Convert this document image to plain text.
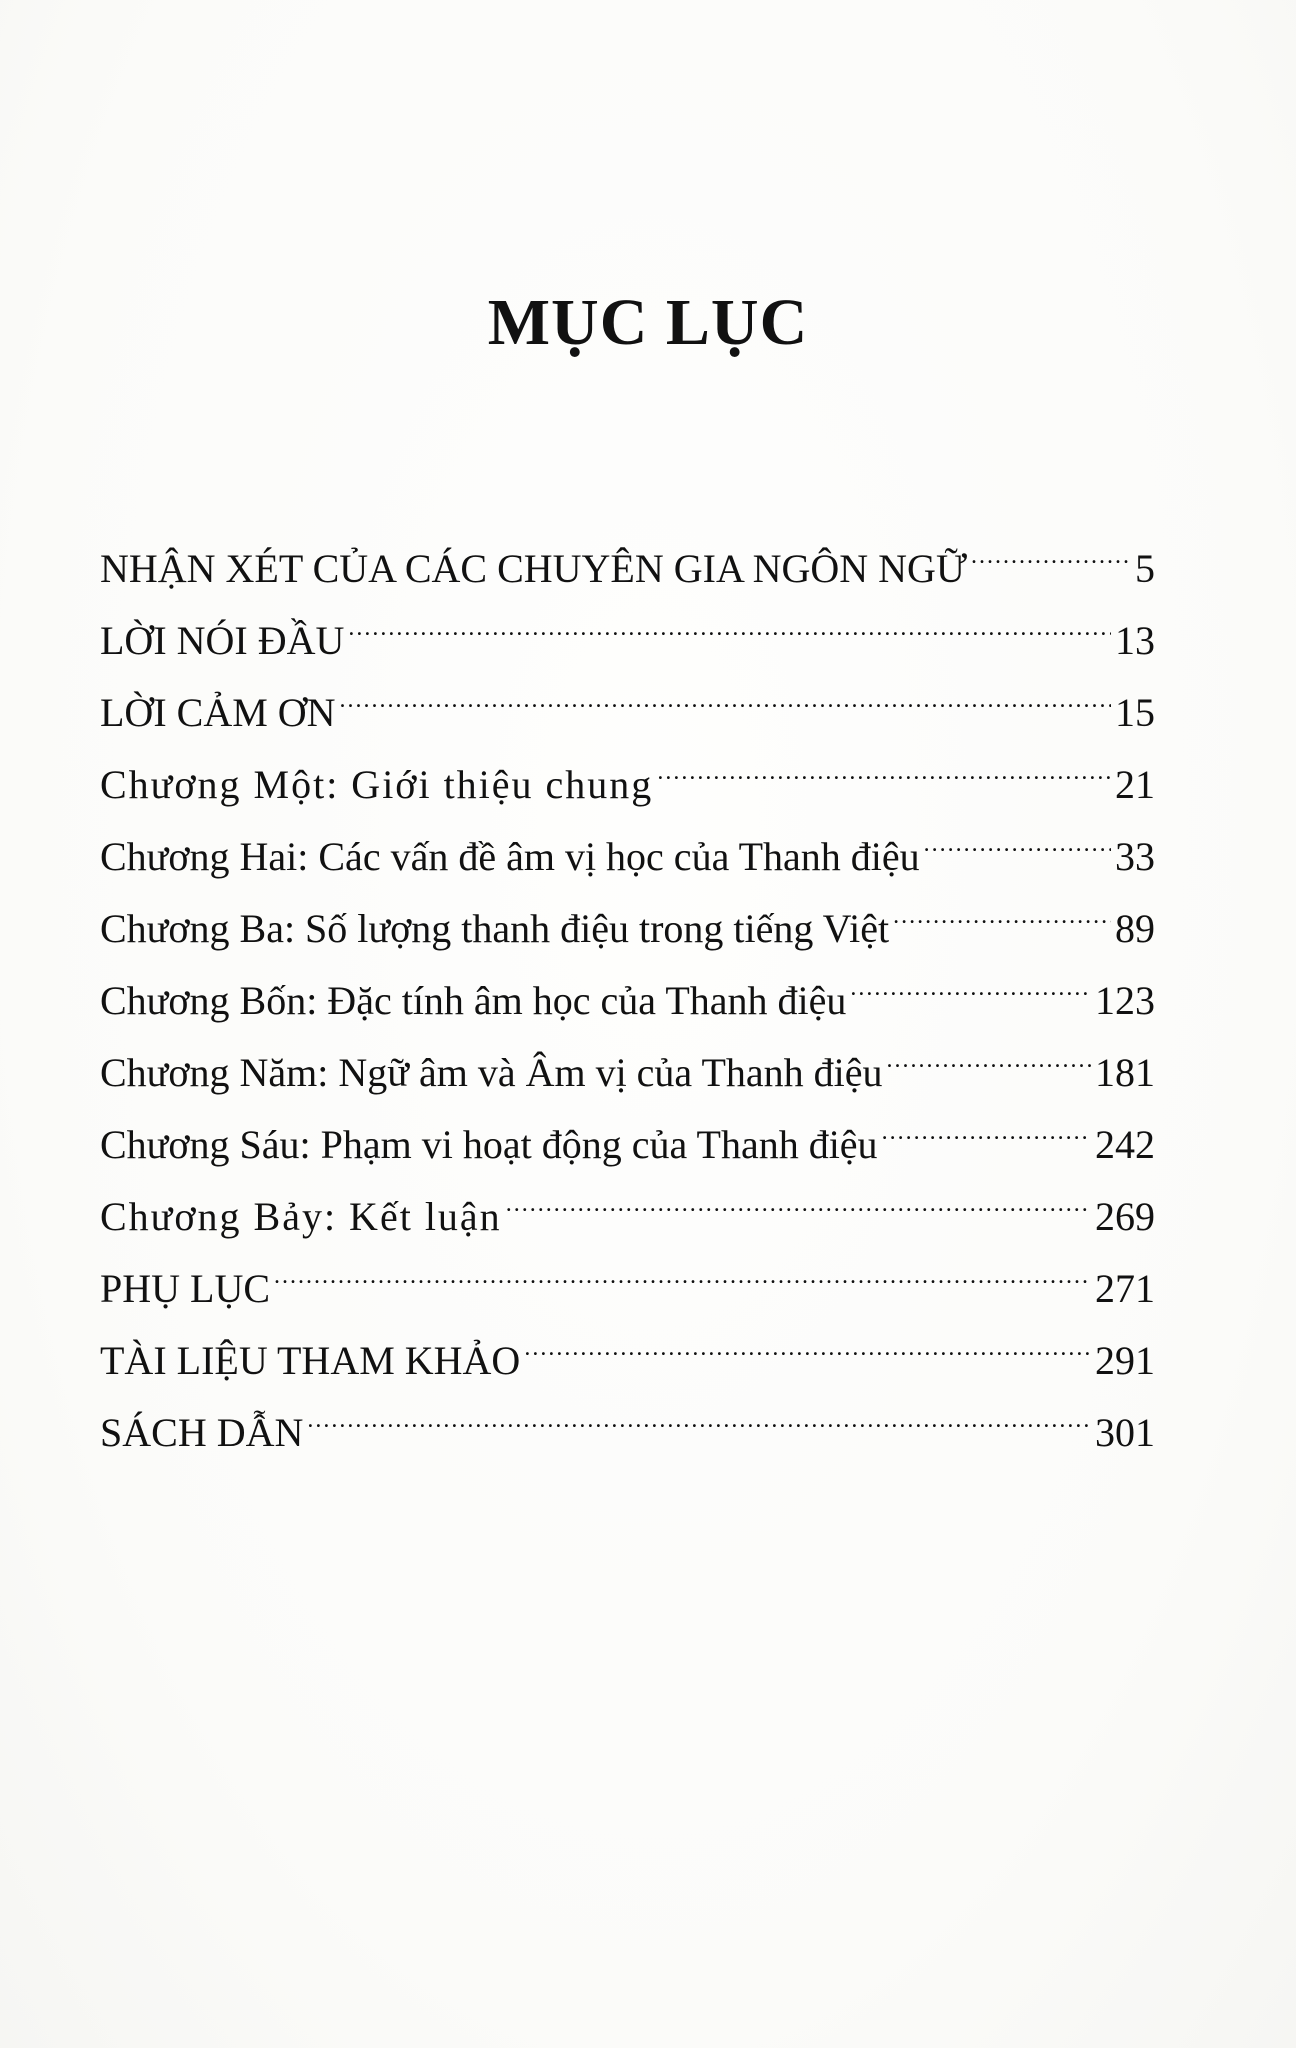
MỤC LỤC
NHẬN XÉT CỦA CÁC CHUYÊN GIA NGÔN NGỮ .....	5
LỜI NÓI ĐẦU .....	13
LỜI CẢM ƠN .....	15
Chương Một: Giới thiệu chung .....	21
Chương Hai: Các vấn đề âm vị học của Thanh điệu .....	33
Chương Ba: Số lượng thanh điệu trong tiếng Việt .....	89
Chương Bốn: Đặc tính âm học của Thanh điệu .....	123
Chương Năm: Ngữ âm và Âm vị của Thanh điệu .....	181
Chương Sáu: Phạm vi hoạt động của Thanh điệu .....	242
Chương Bảy: Kết luận .....	269
PHỤ LỤC .....	271
TÀI LIỆU THAM KHẢO .....	291
SÁCH DẪN .....	301
